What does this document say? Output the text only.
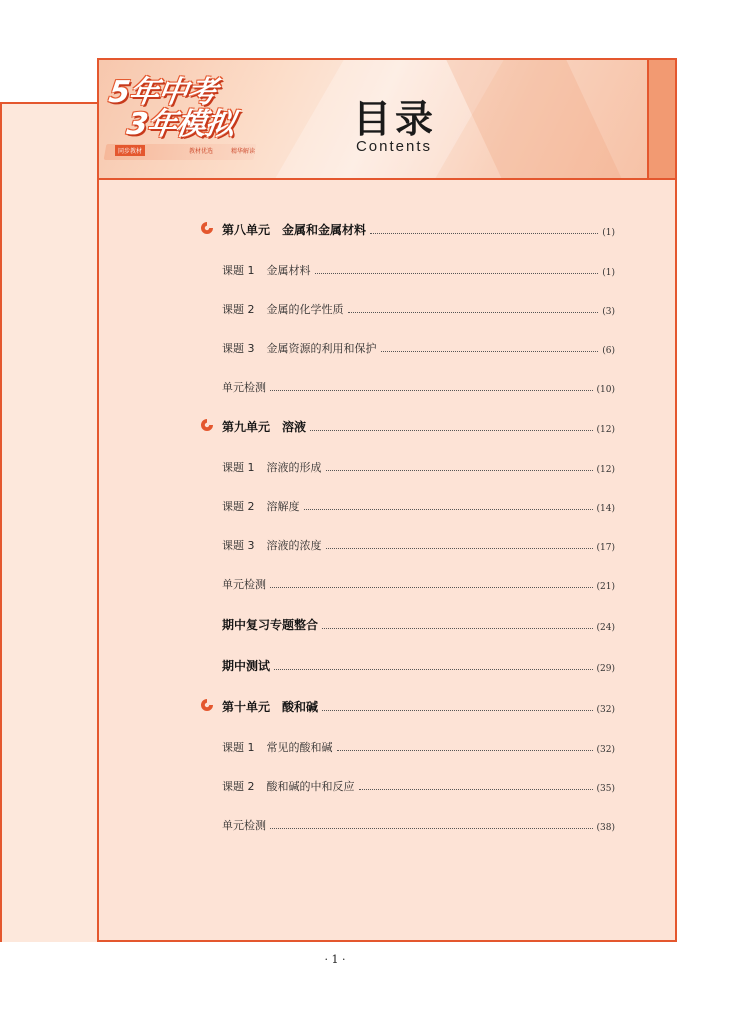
同步教材	教材优选	精华解读
5年中考
3年模拟	目录
Contents
第八单元 金属和金属材料	(1)
课题 1 金属材料	(1)
课题 2 金属的化学性质	(3)
课题 3 金属资源的利用和保护	(6)
单元检测	(10)
第九单元 溶液	(12)
课题 1 溶液的形成	(12)
课题 2 溶解度	(14)
课题 3 溶液的浓度	(17)
单元检测	(21)
期中复习专题整合	(24)
期中测试	(29)
第十单元 酸和碱	(32)
课题 1 常见的酸和碱	(32)
课题 2 酸和碱的中和反应	(35)
单元检测	(38)
· 1 ·
